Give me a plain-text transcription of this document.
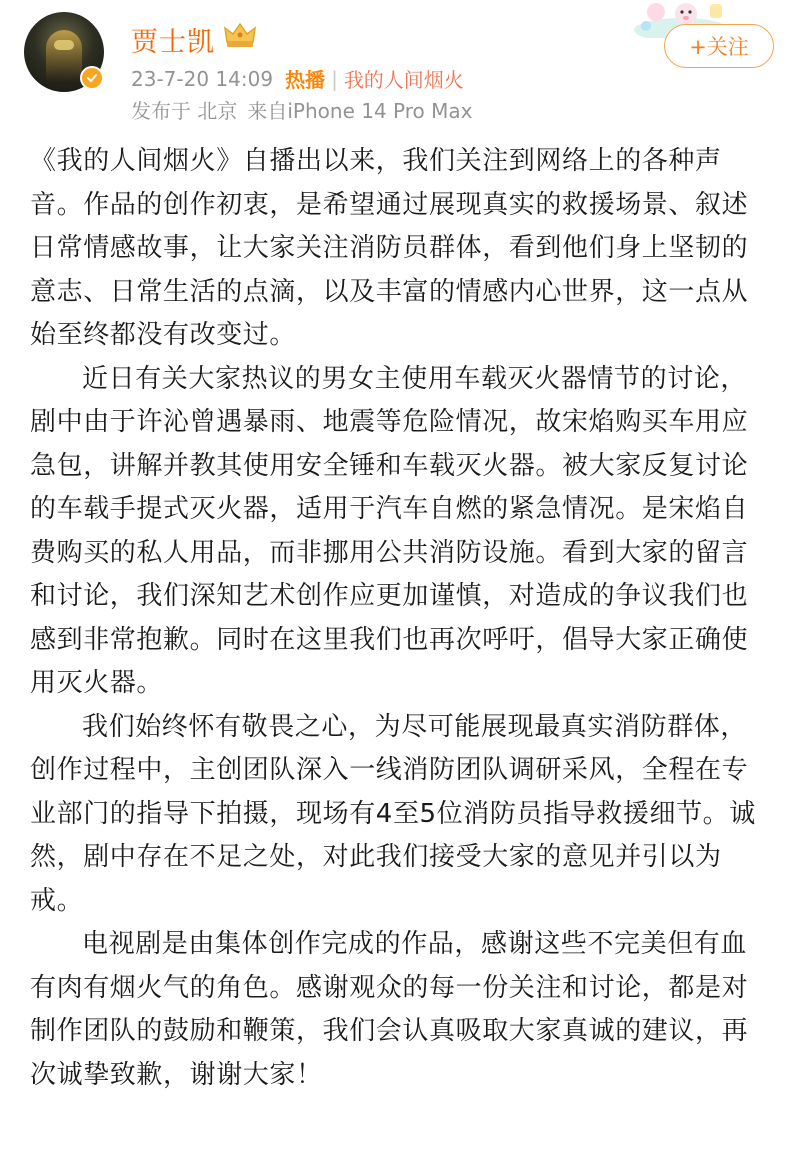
贾士凯
23-7-20 14:09 热播 | 我的人间烟火
发布于 北京 来自iPhone 14 Pro Max
+关注

《我的人间烟火》自播出以来，我们关注到网络上的各种声音。作品的创作初衷，是希望通过展现真实的救援场景、叙述日常情感故事，让大家关注消防员群体，看到他们身上坚韧的意志、日常生活的点滴，以及丰富的情感内心世界，这一点从始至终都没有改变过。

近日有关大家热议的男女主使用车载灭火器情节的讨论，剧中由于许沁曾遇暴雨、地震等危险情况，故宋焰购买车用应急包，讲解并教其使用安全锤和车载灭火器。被大家反复讨论的车载手提式灭火器，适用于汽车自燃的紧急情况。是宋焰自费购买的私人用品，而非挪用公共消防设施。看到大家的留言和讨论，我们深知艺术创作应更加谨慎，对造成的争议我们也感到非常抱歉。同时在这里我们也再次呼吁，倡导大家正确使用灭火器。

我们始终怀有敬畏之心，为尽可能展现最真实消防群体，创作过程中，主创团队深入一线消防团队调研采风，全程在专业部门的指导下拍摄，现场有4至5位消防员指导救援细节。诚然，剧中存在不足之处，对此我们接受大家的意见并引以为戒。

电视剧是由集体创作完成的作品，感谢这些不完美但有血有肉有烟火气的角色。感谢观众的每一份关注和讨论，都是对制作团队的鼓励和鞭策，我们会认真吸取大家真诚的建议，再次诚挚致歉，谢谢大家！
